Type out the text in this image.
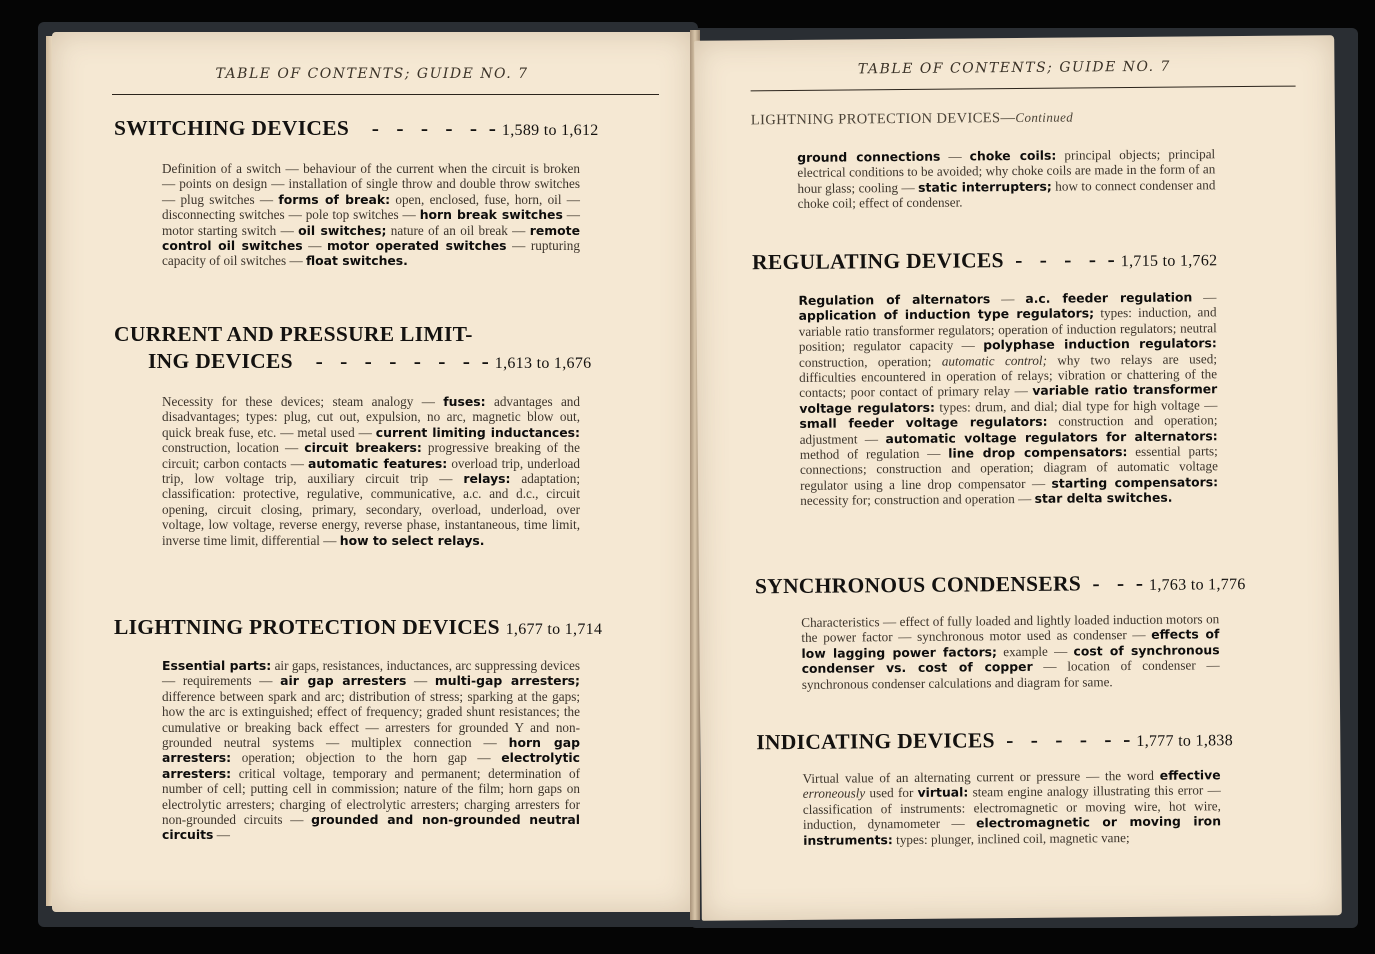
TABLE OF CONTENTS; GUIDE NO. 7
SWITCHING DEVICES - - - - - - 1,589 to 1,612
Definition of a switch — behaviour of the current when the circuit is broken — points on design — installation of single throw and double throw switches — plug switches — forms of break: open, enclosed, fuse, horn, oil — disconnecting switches — pole top switches — horn break switches — motor starting switch — oil switches; nature of an oil break — remote control oil switches — motor operated switches — rupturing capacity of oil switches — float switches.
CURRENT AND PRESSURE LIMIT-
ING DEVICES - - - - - - - - 1,613 to 1,676
Necessity for these devices; steam analogy — fuses: advantages and disadvantages; types: plug, cut out, expulsion, no arc, magnetic blow out, quick break fuse, etc. — metal used — current limiting inductances: construction, location — circuit breakers: progressive breaking of the circuit; carbon contacts — automatic features: overload trip, underload trip, low voltage trip, auxiliary circuit trip — relays: adaptation; classification: protective, regulative, communicative, a.c. and d.c., circuit opening, circuit closing, primary, secondary, overload, underload, over voltage, low voltage, reverse energy, reverse phase, instantaneous, time limit, inverse time limit, differential — how to select relays.
LIGHTNING PROTECTION DEVICES 1,677 to 1,714
Essential parts: air gaps, resistances, inductances, arc suppressing devices — requirements — air gap arresters — multi-gap arresters; difference between spark and arc; distribution of stress; sparking at the gaps; how the arc is extinguished; effect of frequency; graded shunt resistances; the cumulative or breaking back effect — arresters for grounded Y and non-grounded neutral systems — multiplex connection — horn gap arresters: operation; objection to the horn gap — electrolytic arresters: critical voltage, temporary and permanent; determination of number of cell; putting cell in commission; nature of the film; horn gaps on electrolytic arresters; charging of electrolytic arresters; charging arresters for non-grounded circuits — grounded and non-grounded neutral circuits —
TABLE OF CONTENTS; GUIDE NO. 7
LIGHTNING PROTECTION DEVICES—Continued
ground connections — choke coils: principal objects; principal electrical conditions to be avoided; why choke coils are made in the form of an hour glass; cooling — static interrupters; how to connect condenser and choke coil; effect of condenser.
REGULATING DEVICES - - - - - 1,715 to 1,762
Regulation of alternators — a.c. feeder regulation — application of induction type regulators; types: induction, and variable ratio transformer regulators; operation of induction regulators; neutral position; regulator capacity — polyphase induction regulators: construction, operation; automatic control; why two relays are used; difficulties encountered in operation of relays; vibration or chattering of the contacts; poor contact of primary relay — variable ratio transformer voltage regulators: types: drum, and dial; dial type for high voltage — small feeder voltage regulators: construction and operation; adjustment — automatic voltage regulators for alternators: method of regulation — line drop compensators: essential parts; connections; construction and operation; diagram of automatic voltage regulator using a line drop compensator — starting compensators: necessity for; construction and operation — star delta switches.
SYNCHRONOUS CONDENSERS - - - 1,763 to 1,776
Characteristics — effect of fully loaded and lightly loaded induction motors on the power factor — synchronous motor used as condenser — effects of low lagging power factors; example — cost of synchronous condenser vs. cost of copper — location of condenser — synchronous condenser calculations and diagram for same.
INDICATING DEVICES - - - - - - 1,777 to 1,838
Virtual value of an alternating current or pressure — the word effective erroneously used for virtual: steam engine analogy illustrating this error — classification of instruments: electromagnetic or moving wire, hot wire, induction, dynamometer — electromagnetic or moving iron instruments: types: plunger, inclined coil, magnetic vane;
